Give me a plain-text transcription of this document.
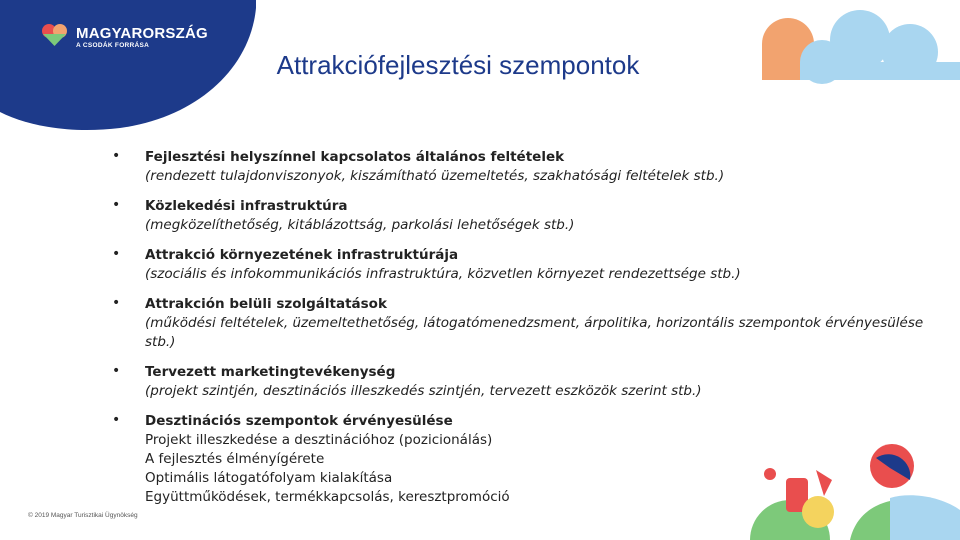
MAGYARORSZÁG
A CSODÁK FORRÁSA
Attrakciófejlesztési szempontok
• Fejlesztési helyszínnel kapcsolatos általános feltételek
(rendezett tulajdonviszonyok, kiszámítható üzemeltetés, szakhatósági feltételek stb.)
• Közlekedési infrastruktúra
(megközelíthetőség, kitáblázottság, parkolási lehetőségek stb.)
• Attrakció környezetének infrastruktúrája
(szociális és infokommunikációs infrastruktúra, közvetlen környezet rendezettsége stb.)
• Attrakción belüli szolgáltatások
(működési feltételek, üzemeltethetőség, látogatómenedzsment, árpolitika, horizontális szempontok érvényesülése stb.)
• Tervezett marketingtevékenység
(projekt szintjén, desztinációs illeszkedés szintjén, tervezett eszközök szerint stb.)
• Desztinációs szempontok érvényesülése
Projekt illeszkedése a desztinációhoz (pozicionálás)
A fejlesztés élményígérete
Optimális látogatófolyam kialakítása
Együttműködések, termékkapcsolás, keresztpromóció
© 2019 Magyar Turisztikai Ügynökség
